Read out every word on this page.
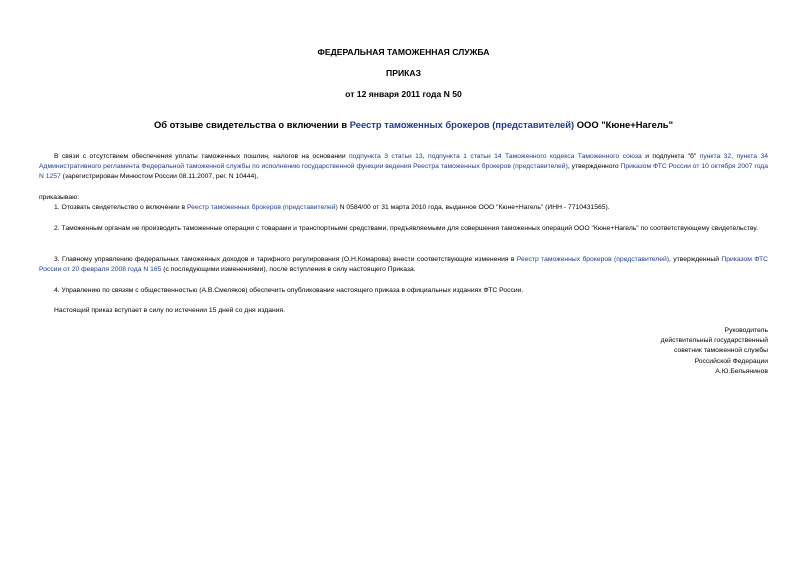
ФЕДЕРАЛЬНАЯ ТАМОЖЕННАЯ СЛУЖБА

ПРИКАЗ

от 12 января 2011 года N 50

Об отзыве свидетельства о включении в Реестр таможенных брокеров (представителей) ООО "Кюне+Нагель"

В связи с отсутствием обеспечения уплаты таможенных пошлин, налогов на основании подпункта 3 статьи 13, подпункта 1 статьи 14 Таможенного кодекса Таможенного союза и подпункта "б" пункта 32, пункта 34 Административного регламента Федеральной таможенной службы по исполнению государственной функции ведения Реестра таможенных брокеров (представителей), утвержденного Приказом ФТС России от 10 октября 2007 года N 1257 (зарегистрирован Минюстом России 08.11.2007, рег. N 10444),

приказываю:

1. Отозвать свидетельство о включении в Реестр таможенных брокеров (представителей) N 0584/00 от 31 марта 2010 года, выданное ООО "Кюне+Нагель" (ИНН - 7710431565).

2. Таможенным органам не производить таможенные операции с товарами и транспортными средствами, предъявляемыми для совершения таможенных операций ООО "Кюне+Нагель" по соответствующему свидетельству.

3. Главному управлению федеральных таможенных доходов и тарифного регулирования (О.Н.Комарова) внести соответствующие изменения в Реестр таможенных брокеров (представителей), утвержденный Приказом ФТС России от 20 февраля 2008 года N 165 (с последующими изменениями), после вступления в силу настоящего Приказа.

4. Управлению по связям с общественностью (А.В.Смеляков) обеспечить опубликование настоящего приказа в официальных изданиях ФТС России.

Настоящий приказ вступает в силу по истечении 15 дней со дня издания.

Руководитель
действительный государственный
советник таможенной службы
Российской Федерации
А.Ю.Бельянинов
